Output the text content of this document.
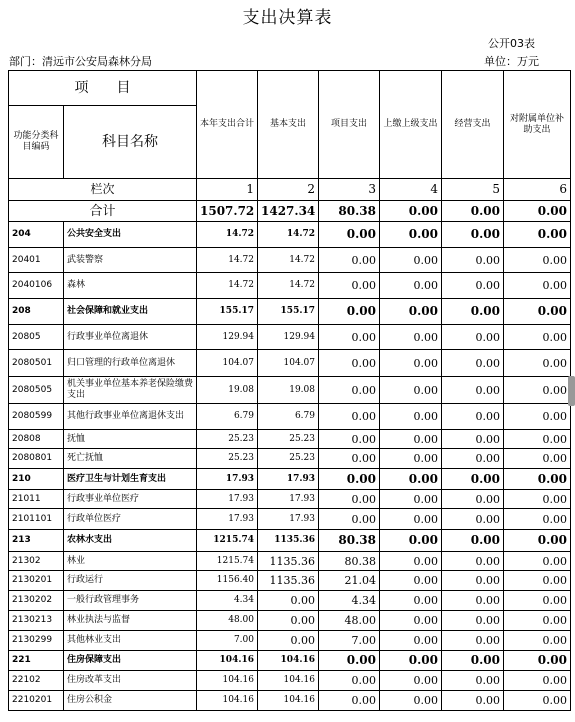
支出决算表
公开03表
部门：清远市公安局森林分局	单位：万元
项　　目		本年支出合计	基本支出	项目支出	上缴上级支出	经营支出	对附属单位补助支出
功能分类科目编码	科目名称						
栏次		1	2	3	4	5	6
合计		1507.72	1427.34	80.38	0.00	0.00	0.00
204	公共安全支出	14.72	14.72	0.00	0.00	0.00	0.00
20401	武装警察	14.72	14.72	0.00	0.00	0.00	0.00
2040106	森林	14.72	14.72	0.00	0.00	0.00	0.00
208	社会保障和就业支出	155.17	155.17	0.00	0.00	0.00	0.00
20805	行政事业单位离退休	129.94	129.94	0.00	0.00	0.00	0.00
2080501	归口管理的行政单位离退休	104.07	104.07	0.00	0.00	0.00	0.00
2080505	机关事业单位基本养老保险缴费支出	19.08	19.08	0.00	0.00	0.00	0.00
2080599	其他行政事业单位离退休支出	6.79	6.79	0.00	0.00	0.00	0.00
20808	抚恤	25.23	25.23	0.00	0.00	0.00	0.00
2080801	死亡抚恤	25.23	25.23	0.00	0.00	0.00	0.00
210	医疗卫生与计划生育支出	17.93	17.93	0.00	0.00	0.00	0.00
21011	行政事业单位医疗	17.93	17.93	0.00	0.00	0.00	0.00
2101101	行政单位医疗	17.93	17.93	0.00	0.00	0.00	0.00
213	农林水支出	1215.74	1135.36	80.38	0.00	0.00	0.00
21302	林业	1215.74	1135.36	80.38	0.00	0.00	0.00
2130201	行政运行	1156.40	1135.36	21.04	0.00	0.00	0.00
2130202	一般行政管理事务	4.34	0.00	4.34	0.00	0.00	0.00
2130213	林业执法与监督	48.00	0.00	48.00	0.00	0.00	0.00
2130299	其他林业支出	7.00	0.00	7.00	0.00	0.00	0.00
221	住房保障支出	104.16	104.16	0.00	0.00	0.00	0.00
22102	住房改革支出	104.16	104.16	0.00	0.00	0.00	0.00
2210201	住房公积金	104.16	104.16	0.00	0.00	0.00	0.00
